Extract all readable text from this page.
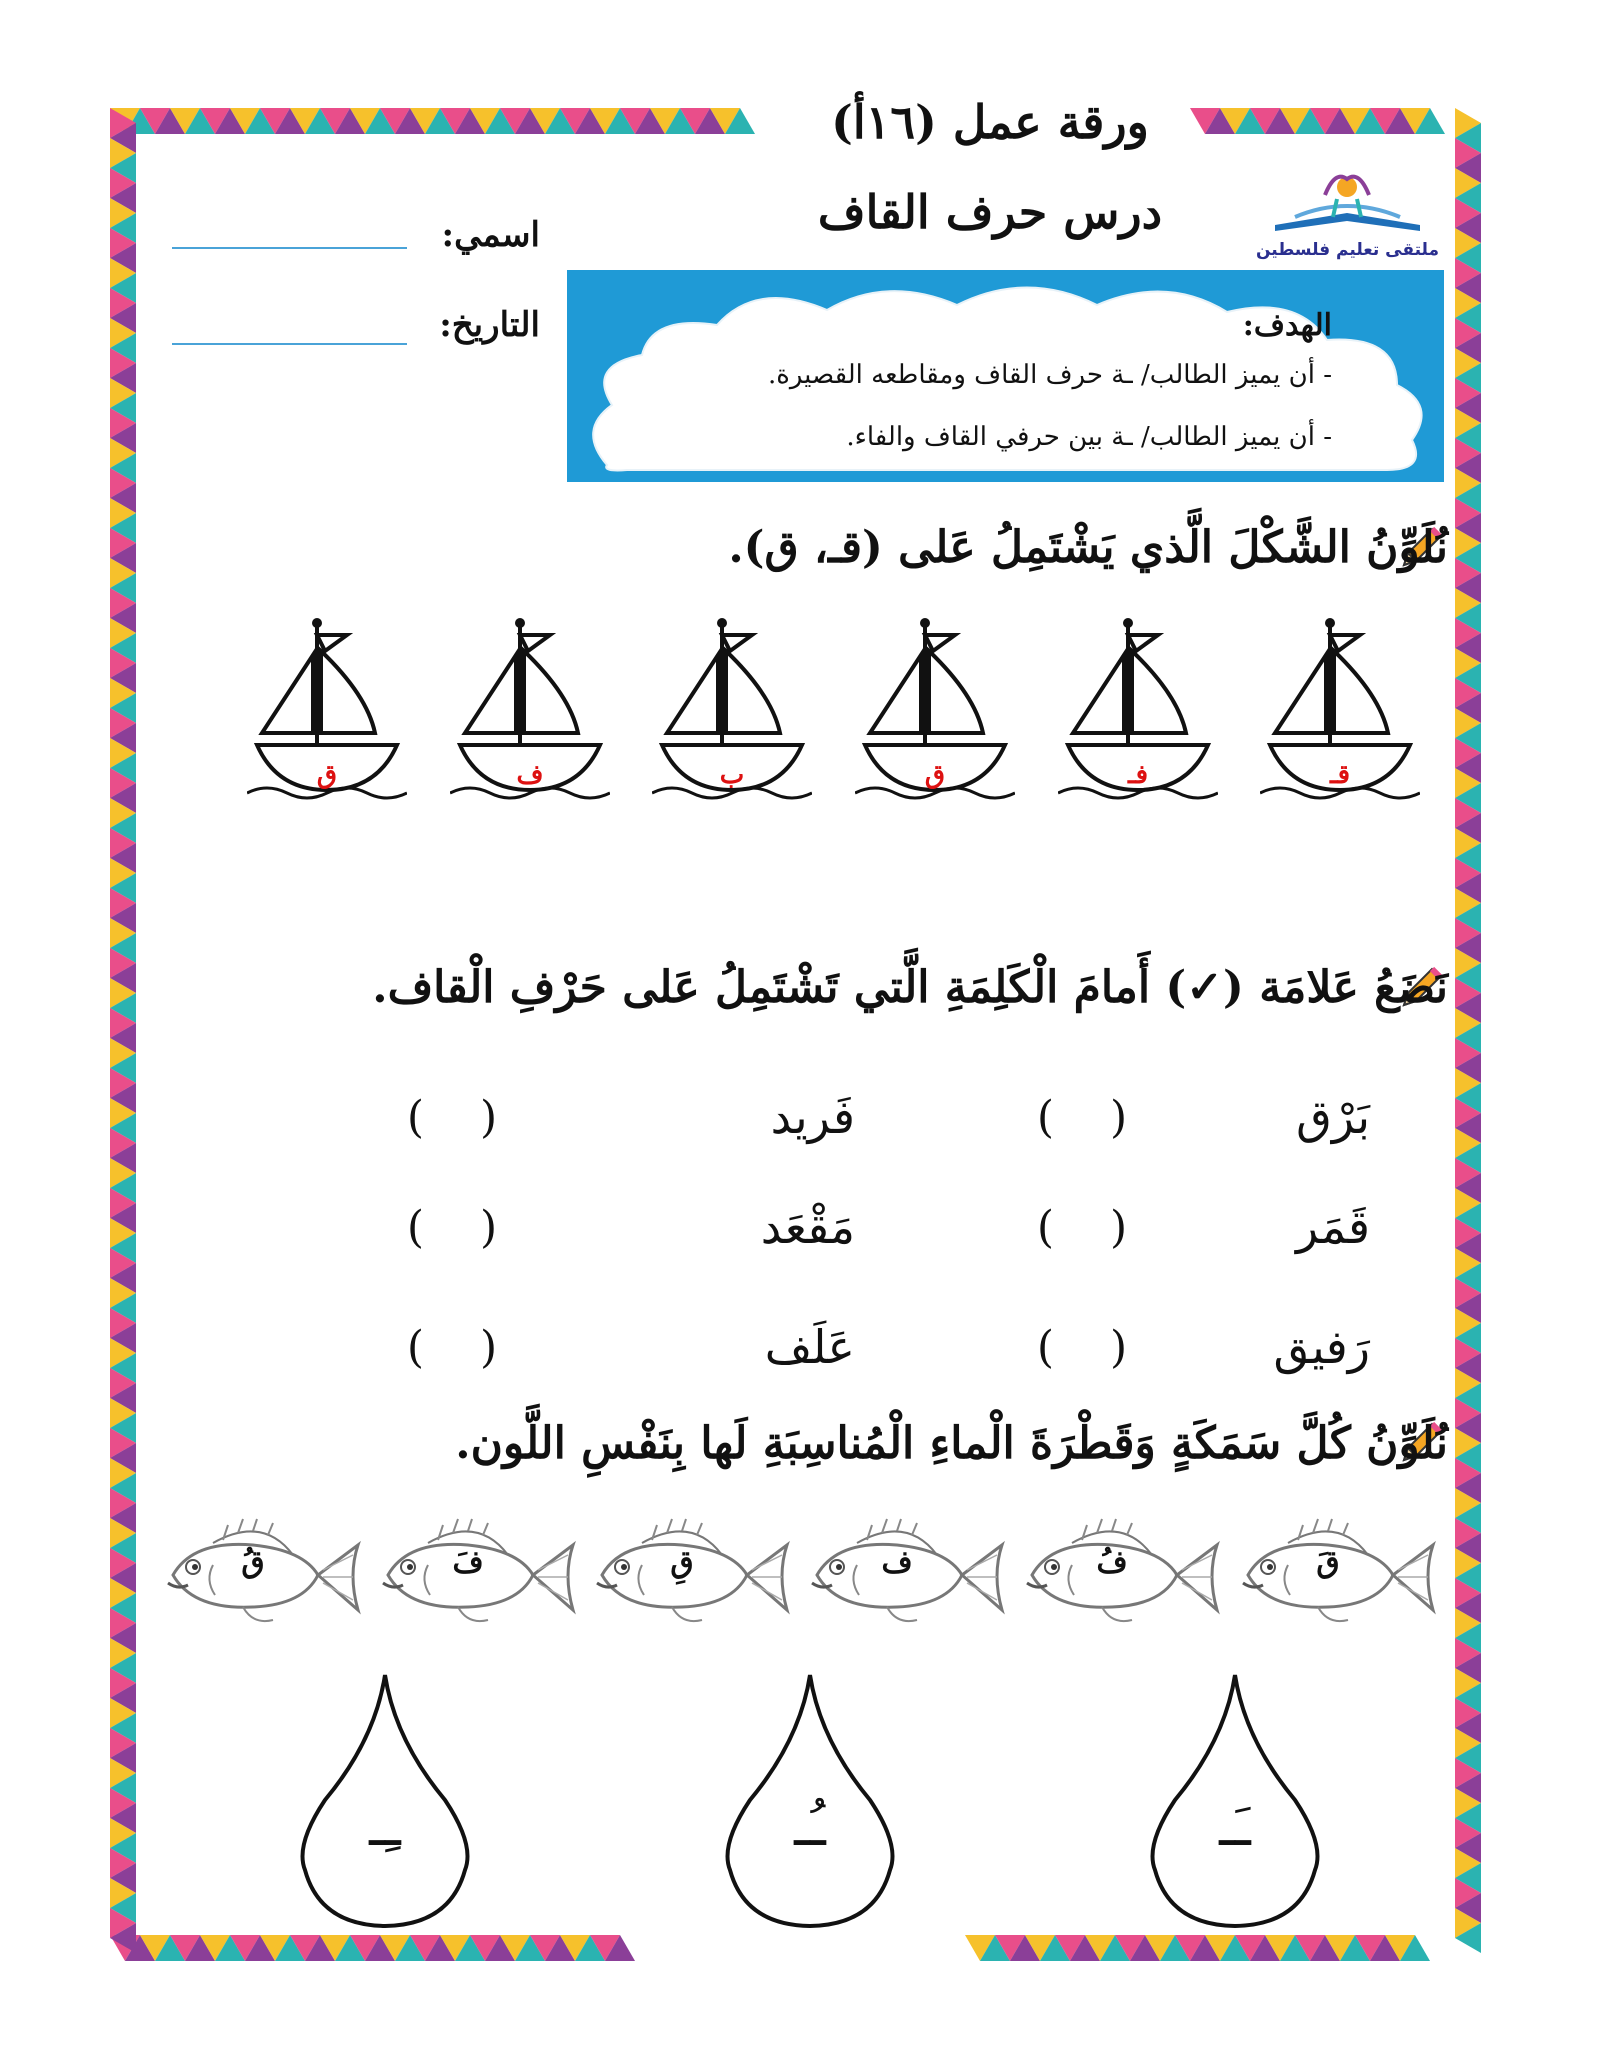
ورقة عمل (١٦أ)
درس حرف القاف
ملتقى تعليم فلسطين
اسمي:
التاريخ:	الهدف:
- أن يميز الطالب/ ـة حرف القاف ومقاطعه القصيرة.
- أن يميز الطالب/ ـة بين حرفي القاف والفاء.
نُلَوِّنُ الشَّكْلَ الَّذي يَشْتَمِلُ عَلى (قـ، ق).
قـ
فـ
ق
ب
ف
ق
نَضَعُ عَلامَة (✓) أَمامَ الْكَلِمَةِ الَّتي تَشْتَمِلُ عَلى حَرْفِ الْقاف.
بَرْق
(    )
فَريد
(    )
قَمَر
(    )
مَقْعَد
(    )
رَفيق
(    )
عَلَف
(    )
نُلَوِّنُ كُلَّ سَمَكَةٍ وَقَطْرَةَ الْماءِ الْمُناسِبَةِ لَها بِنَفْسِ اللَّون.
قَ
فُ
ف
قِ
فَ
قُ
ـَـ
ـُـ
ـِـ
